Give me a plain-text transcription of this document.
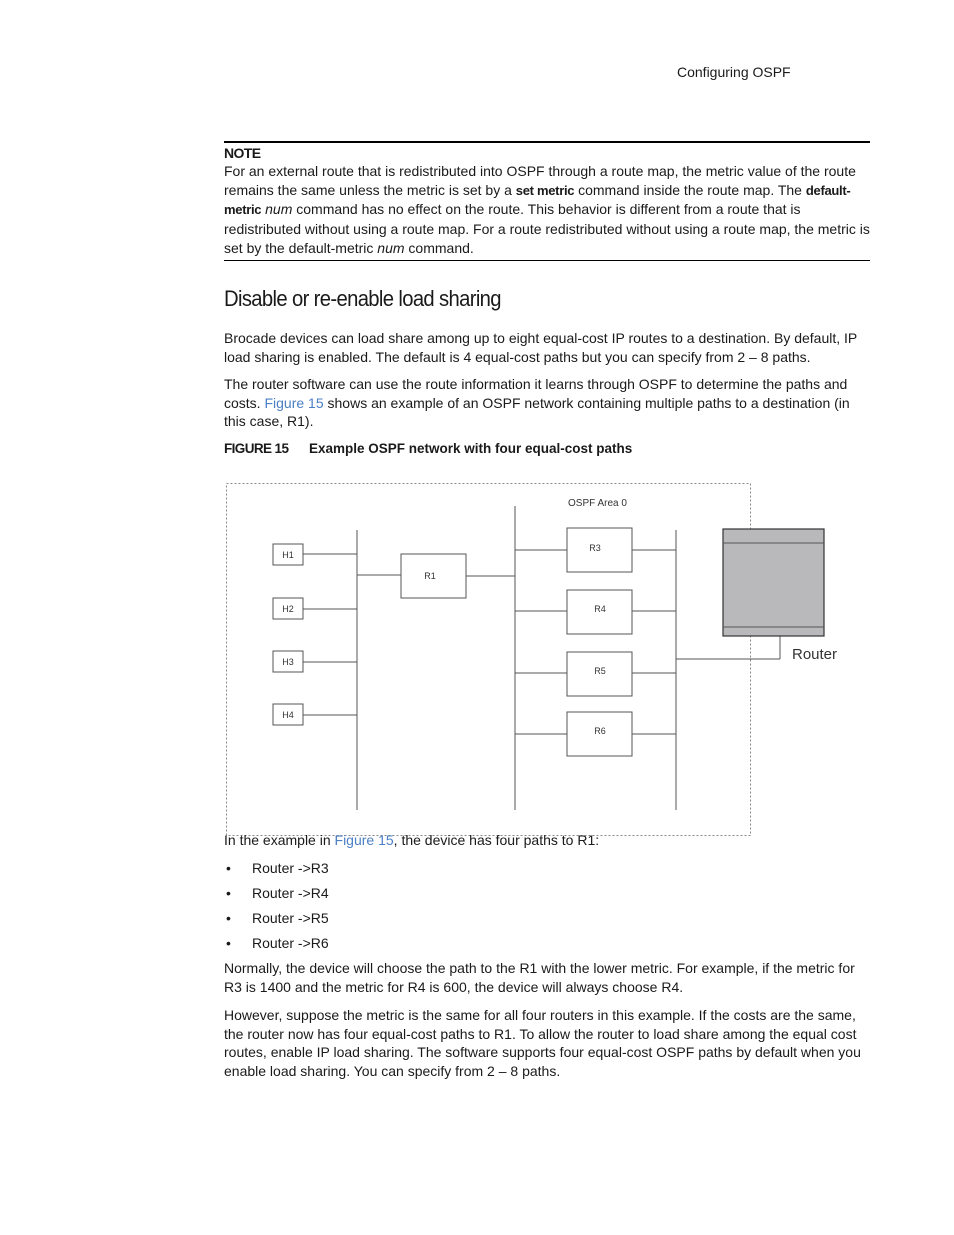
Configuring OSPF
NOTE
For an external route that is redistributed into OSPF through a route map, the metric value of the route remains the same unless the metric is set by a set metric command inside the route map. The default-metric num command has no effect on the route. This behavior is different from a route that is redistributed without using a route map. For a route redistributed without using a route map, the metric is set by the default-metric num command.
Disable or re-enable load sharing
Brocade devices can load share among up to eight equal-cost IP routes to a destination. By default, IP load sharing is enabled. The default is 4 equal-cost paths but you can specify from 2 – 8 paths.
The router software can use the route information it learns through OSPF to determine the paths and costs. Figure 15 shows an example of an OSPF network containing multiple paths to a destination (in this case, R1).
FIGURE 15 Example OSPF network with four equal-cost paths
OSPF Area 0
H1
H2
H3
H4
R1
R3
R4
R5
R6
Router
In the example in Figure 15, the device has four paths to R1:
• Router ->R3
• Router ->R4
• Router ->R5
• Router ->R6
Normally, the device will choose the path to the R1 with the lower metric. For example, if the metric for R3 is 1400 and the metric for R4 is 600, the device will always choose R4.
However, suppose the metric is the same for all four routers in this example. If the costs are the same, the router now has four equal-cost paths to R1. To allow the router to load share among the equal cost routes, enable IP load sharing. The software supports four equal-cost OSPF paths by default when you enable load sharing. You can specify from 2 – 8 paths.
